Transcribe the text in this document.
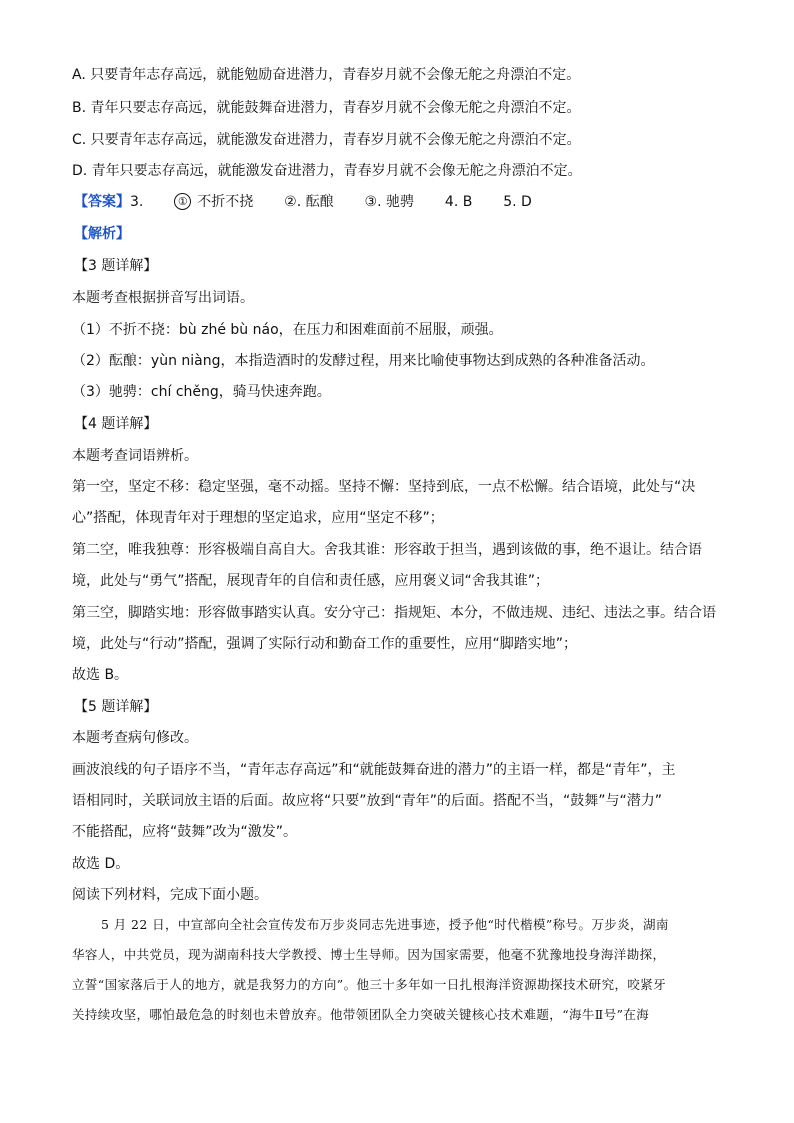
A. 只要青年志存高远，就能勉励奋进潜力，青春岁月就不会像无舵之舟漂泊不定。
B. 青年只要志存高远，就能鼓舞奋进潜力，青春岁月就不会像无舵之舟漂泊不定。
C. 只要青年志存高远，就能激发奋进潜力，青春岁月就不会像无舵之舟漂泊不定。
D. 青年只要志存高远，就能激发奋进潜力，青春岁月就不会像无舵之舟漂泊不定。
【答案】3.	① 不折不挠 ②. 酝酿 ③. 驰骋 4. B 5. D
【解析】
【3 题详解】
本题考查根据拼音写出词语。
（1）不折不挠：bù zhé bù náo，在压力和困难面前不屈服，顽强。
（2）酝酿：yùn niàng，本指造酒时的发酵过程，用来比喻使事物达到成熟的各种准备活动。
（3）驰骋：chí chěng，骑马快速奔跑。
【4 题详解】
本题考查词语辨析。
第一空，坚定不移：稳定坚强，毫不动摇。坚持不懈：坚持到底，一点不松懈。结合语境，此处与“决
心”搭配，体现青年对于理想的坚定追求，应用“坚定不移”；
第二空，唯我独尊：形容极端自高自大。舍我其谁：形容敢于担当，遇到该做的事，绝不退让。结合语
境，此处与“勇气”搭配，展现青年的自信和责任感，应用褒义词“舍我其谁”；
第三空，脚踏实地：形容做事踏实认真。安分守己：指规矩、本分，不做违规、违纪、违法之事。结合语
境，此处与“行动”搭配，强调了实际行动和勤奋工作的重要性，应用“脚踏实地”；
故选 B。
【5 题详解】
本题考查病句修改。
画波浪线的句子语序不当，“青年志存高远”和“就能鼓舞奋进的潜力”的主语一样，都是“青年”，主
语相同时，关联词放主语的后面。故应将“只要”放到“青年”的后面。搭配不当，“鼓舞”与“潜力”
不能搭配，应将“鼓舞”改为“激发”。
故选 D。
阅读下列材料，完成下面小题。
5 月 22 日，中宣部向全社会宣传发布万步炎同志先进事迹，授予他“时代楷模”称号。万步炎，湖南
华容人，中共党员，现为湖南科技大学教授、博士生导师。因为国家需要，他毫不犹豫地投身海洋勘探，
立誓“国家落后于人的地方，就是我努力的方向”。他三十多年如一日扎根海洋资源勘探技术研究，咬紧牙
关持续攻坚，哪怕最危急的时刻也未曾放弃。他带领团队全力突破关键核心技术难题，“海牛Ⅱ号”在海
